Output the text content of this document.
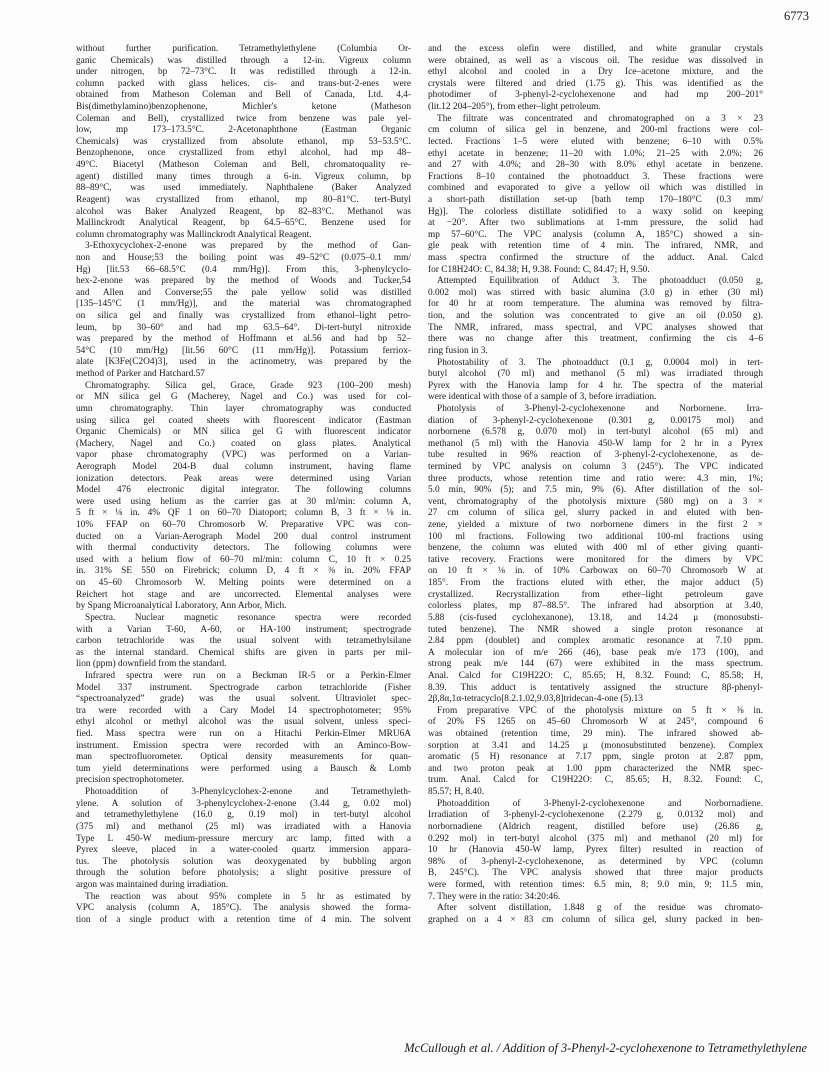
6773
without further purification. Tetramethylethylene (Columbia Or-
ganic Chemicals) was distilled through a 12-in. Vigreux column
under nitrogen, bp 72–73°C. It was redistilled through a 12-in.
column packed with glass helices. cis- and trans-but-2-enes were
obtained from Matheson Coleman and Bell of Canada, Ltd. 4,4-
Bis(dimethylamino)benzophenone, Michler's ketone (Matheson
Coleman and Bell), crystallized twice from benzene was pale yel-
low, mp 173–173.5°C. 2-Acetonaphthone (Eastman Organic
Chemicals) was crystallized from absolute ethanol, mp 53–53.5°C.
Benzophenone, once crystallized from ethyl alcohol, had mp 48–
49°C. Biacetyl (Matheson Coleman and Bell, chromatoquality re-
agent) distilled many times through a 6-in. Vigreux column, bp
88–89°C, was used immediately. Naphthalene (Baker Analyzed
Reagent) was crystallized from ethanol, mp 80–81°C. tert-Butyl
alcohol was Baker Analyzed Reagent, bp 82–83°C. Methanol was
Mallinckrodt Analytical Reagent, bp 64.5–65°C. Benzene used for
column chromatography was Mallinckrodt Analytical Reagent.
3-Ethoxycyclohex-2-enone was prepared by the method of Gan-
non and House;53 the boiling point was 49–52°C (0.075–0.1 mm/
Hg) [lit.53 66–68.5°C (0.4 mm/Hg)]. From this, 3-phenylcyclo-
hex-2-enone was prepared by the method of Woods and Tucker,54
and Allen and Converse;55 the pale yellow solid was distilled
[135–145°C (1 mm/Hg)], and the material was chromatographed
on silica gel and finally was crystallized from ethanol–light petro-
leum, bp 30–60° and had mp 63.5–64°. Di-tert-butyl nitroxide
was prepared by the method of Hoffmann et al.56 and had bp 52–
54°C (10 mm/Hg) [lit.56 60°C (11 mm/Hg)]. Potassium ferriox-
alate [K3Fe(C2O4)3], used in the actinometry, was prepared by the
method of Parker and Hatchard.57
Chromatography. Silica gel, Grace, Grade 923 (100–200 mesh)
or MN silica gel G (Macherey, Nagel and Co.) was used for col-
umn chromatography. Thin layer chromatography was conducted
using silica gel coated sheets with fluorescent indicator (Eastman
Organic Chemicals) or MN silica gel G with fluorescent indicator
(Machery, Nagel and Co.) coated on glass plates. Analytical
vapor phase chromatography (VPC) was performed on a Varian-
Aerograph Model 204-B dual column instrument, having flame
ionization detectors. Peak areas were determined using Varian
Model 476 electronic digital integrator. The following columns
were used using helium as the carrier gas at 30 ml/min: column A,
5 ft × ⅛ in. 4% QF 1 on 60–70 Diatoport; column B, 3 ft × ⅛ in.
10% FFAP on 60–70 Chromosorb W. Preparative VPC was con-
ducted on a Varian-Aerograph Model 200 dual control instrument
with thermal conductivity detectors. The following columns were
used with a helium flow of 60–70 ml/min: column C, 10 ft × 0.25
in. 31% SE 550 on Firebrick; column D, 4 ft × ⅜ in. 20% FFAP
on 45–60 Chromosorb W. Melting points were determined on a
Reichert hot stage and are uncorrected. Elemental analyses were
by Spang Microanalytical Laboratory, Ann Arbor, Mich.
Spectra. Nuclear magnetic resonance spectra were recorded
with a Varian T-60, A-60, or HA-100 instrument; spectrograde
carbon tetrachloride was the usual solvent with tetramethylsilane
as the internal standard. Chemical shifts are given in parts per mil-
lion (ppm) downfield from the standard.
Infrared spectra were run on a Beckman IR-5 or a Perkin-Elmer
Model 337 instrument. Spectrograde carbon tetrachloride (Fisher
“spectroanalyzed” grade) was the usual solvent. Ultraviolet spec-
tra were recorded with a Cary Model 14 spectrophotometer; 95%
ethyl alcohol or methyl alcohol was the usual solvent, unless speci-
fied. Mass spectra were run on a Hitachi Perkin-Elmer MRU6A
instrument. Emission spectra were recorded with an Aminco-Bow-
man spectrofluorometer. Optical density measurements for quan-
tum yield determinations were performed using a Bausch & Lomb
precision spectrophotometer.
Photoaddition of 3-Phenylcyclohex-2-enone and Tetramethyleth-
ylene. A solution of 3-phenylcyclohex-2-enone (3.44 g, 0.02 mol)
and tetramethylethylene (16.0 g, 0.19 mol) in tert-butyl alcohol
(375 ml) and methanol (25 ml) was irradiated with a Hanovia
Type L 450-W medium-pressure mercury arc lamp, fitted with a
Pyrex sleeve, placed in a water-cooled quartz immersion appara-
tus. The photolysis solution was deoxygenated by bubbling argon
through the solution before photolysis; a slight positive pressure of
argon was maintained during irradiation.
The reaction was about 95% complete in 5 hr as estimated by
VPC analysis (column A, 185°C). The analysis showed the forma-
tion of a single product with a retention time of 4 min. The solvent
and the excess olefin were distilled, and white granular crystals
were obtained, as well as a viscous oil. The residue was dissolved in
ethyl alcohol and cooled in a Dry Ice–acetone mixture, and the
crystals were filtered and dried (1.75 g). This was identified as the
photodimer of 3-phenyl-2-cyclohexenone and had mp 200–201°
(lit.12 204–205°), from ether–light petroleum.
The filtrate was concentrated and chromatographed on a 3 × 23
cm column of silica gel in benzene, and 200-ml fractions were col-
lected. Fractions 1–5 were eluted with benzene; 6–10 with 0.5%
ethyl acetate in benzene; 11–20 with 1.0%; 21–25 with 2.0%; 26
and 27 with 4.0%; and 28–30 with 8.0% ethyl acetate in benzene.
Fractions 8–10 contained the photoadduct 3. These fractions were
combined and evaporated to give a yellow oil which was distilled in
a short-path distillation set-up [bath temp 170–180°C (0.3 mm/
Hg)]. The colorless distillate solidified to a waxy solid on keeping
at −20°. After two sublimations at 1-mm pressure, the solid had
mp 57–60°C. The VPC analysis (column A, 185°C) showed a sin-
gle peak with retention time of 4 min. The infrared, NMR, and
mass spectra confirmed the structure of the adduct. Anal. Calcd
for C18H24O: C, 84.38; H, 9.38. Found: C, 84.47; H, 9.50.
Attempted Equilibration of Adduct 3. The photoadduct (0.050 g,
0.002 mol) was stirred with basic alumina (3.0 g) in ether (30 ml)
for 40 hr at room temperature. The alumina was removed by filtra-
tion, and the solution was concentrated to give an oil (0.050 g).
The NMR, infrared, mass spectral, and VPC analyses showed that
there was no change after this treatment, confirming the cis 4–6
ring fusion in 3.
Photostability of 3. The photoadduct (0.1 g, 0.0004 mol) in tert-
butyl alcohol (70 ml) and methanol (5 ml) was irradiated through
Pyrex with the Hanovia lamp for 4 hr. The spectra of the material
were identical with those of a sample of 3, before irradiation.
Photolysis of 3-Phenyl-2-cyclohexenone and Norbornene. Irra-
diation of 3-phenyl-2-cyclohexenone (0.301 g, 0.00175 mol) and
norbornene (6.578 g, 0.070 mol) in tert-butyl alcohol (65 ml) and
methanol (5 ml) with the Hanovia 450-W lamp for 2 hr in a Pyrex
tube resulted in 96% reaction of 3-phenyl-2-cyclohexenone, as de-
termined by VPC analysis on column 3 (245°). The VPC indicated
three products, whose retention time and ratio were: 4.3 min, 1%;
5.0 min, 90% (5); and 7.5 min, 9% (6). After distillation of the sol-
vent, chromatography of the photolysis mixture (580 mg) on a 3 ×
27 cm column of silica gel, slurry packed in and eluted with ben-
zene, yielded a mixture of two norbornene dimers in the first 2 ×
100 ml fractions. Following two additional 100-ml fractions using
benzene, the column was eluted with 400 ml of ether giving quanti-
tative recovery. Fractions were monitored for the dimers by VPC
on 10 ft × ⅛ in. of 10% Carbowax on 60–70 Chromosorb W at
185°. From the fractions eluted with ether, the major adduct (5)
crystallized. Recrystallization from ether–light petroleum gave
colorless plates, mp 87–88.5°. The infrared had absorption at 3.40,
5.88 (cis-fused cyclohexanone), 13.18, and 14.24 μ (monosubsti-
tuted benzene). The NMR showed a single proton resonance at
2.84 ppm (doublet) and complex aromatic resonance at 7.10 ppm.
A molecular ion of m/e 266 (46), base peak m/e 173 (100), and
strong peak m/e 144 (67) were exhibited in the mass spectrum.
Anal. Calcd for C19H22O: C, 85.65; H, 8.32. Found: C, 85.58; H,
8.39. This adduct is tentatively assigned the structure 8β-phenyl-
2β,8α,1α-tetracyclo[8.2.1.02,9.03,8]tridecan-4-one (5).13
From preparative VPC of the photolysis mixture on 5 ft × ⅜ in.
of 20% FS 1265 on 45–60 Chromosorb W at 245°, compound 6
was obtained (retention time, 29 min). The infrared showed ab-
sorption at 3.41 and 14.25 μ (monosubstituted benzene). Complex
aromatic (5 H) resonance at 7.17 ppm, single proton at 2.87 ppm,
and two proton peak at 1.00 ppm characterized the NMR spec-
trum. Anal. Calcd for C19H22O: C, 85.65; H, 8.32. Found: C,
85.57; H, 8.40.
Photoaddition of 3-Phenyl-2-cyclohexenone and Norbornadiene.
Irradiation of 3-phenyl-2-cyclohexenone (2.279 g, 0.0132 mol) and
norbornadiene (Aldrich reagent, distilled before use) (26.86 g,
0.292 mol) in tert-butyl alcohol (375 ml) and methanol (20 ml) for
10 hr (Hanovia 450-W lamp, Pyrex filter) resulted in reaction of
98% of 3-phenyl-2-cyclohexenone, as determined by VPC (column
B, 245°C). The VPC analysis showed that three major products
were formed, with retention times: 6.5 min, 8; 9.0 min, 9; 11.5 min,
7. They were in the ratio: 34:20:46.
After solvent distillation, 1.848 g of the residue was chromato-
graphed on a 4 × 83 cm column of silica gel, slurry packed in ben-
McCullough et al. / Addition of 3-Phenyl-2-cyclohexenone to Tetramethylethylene
